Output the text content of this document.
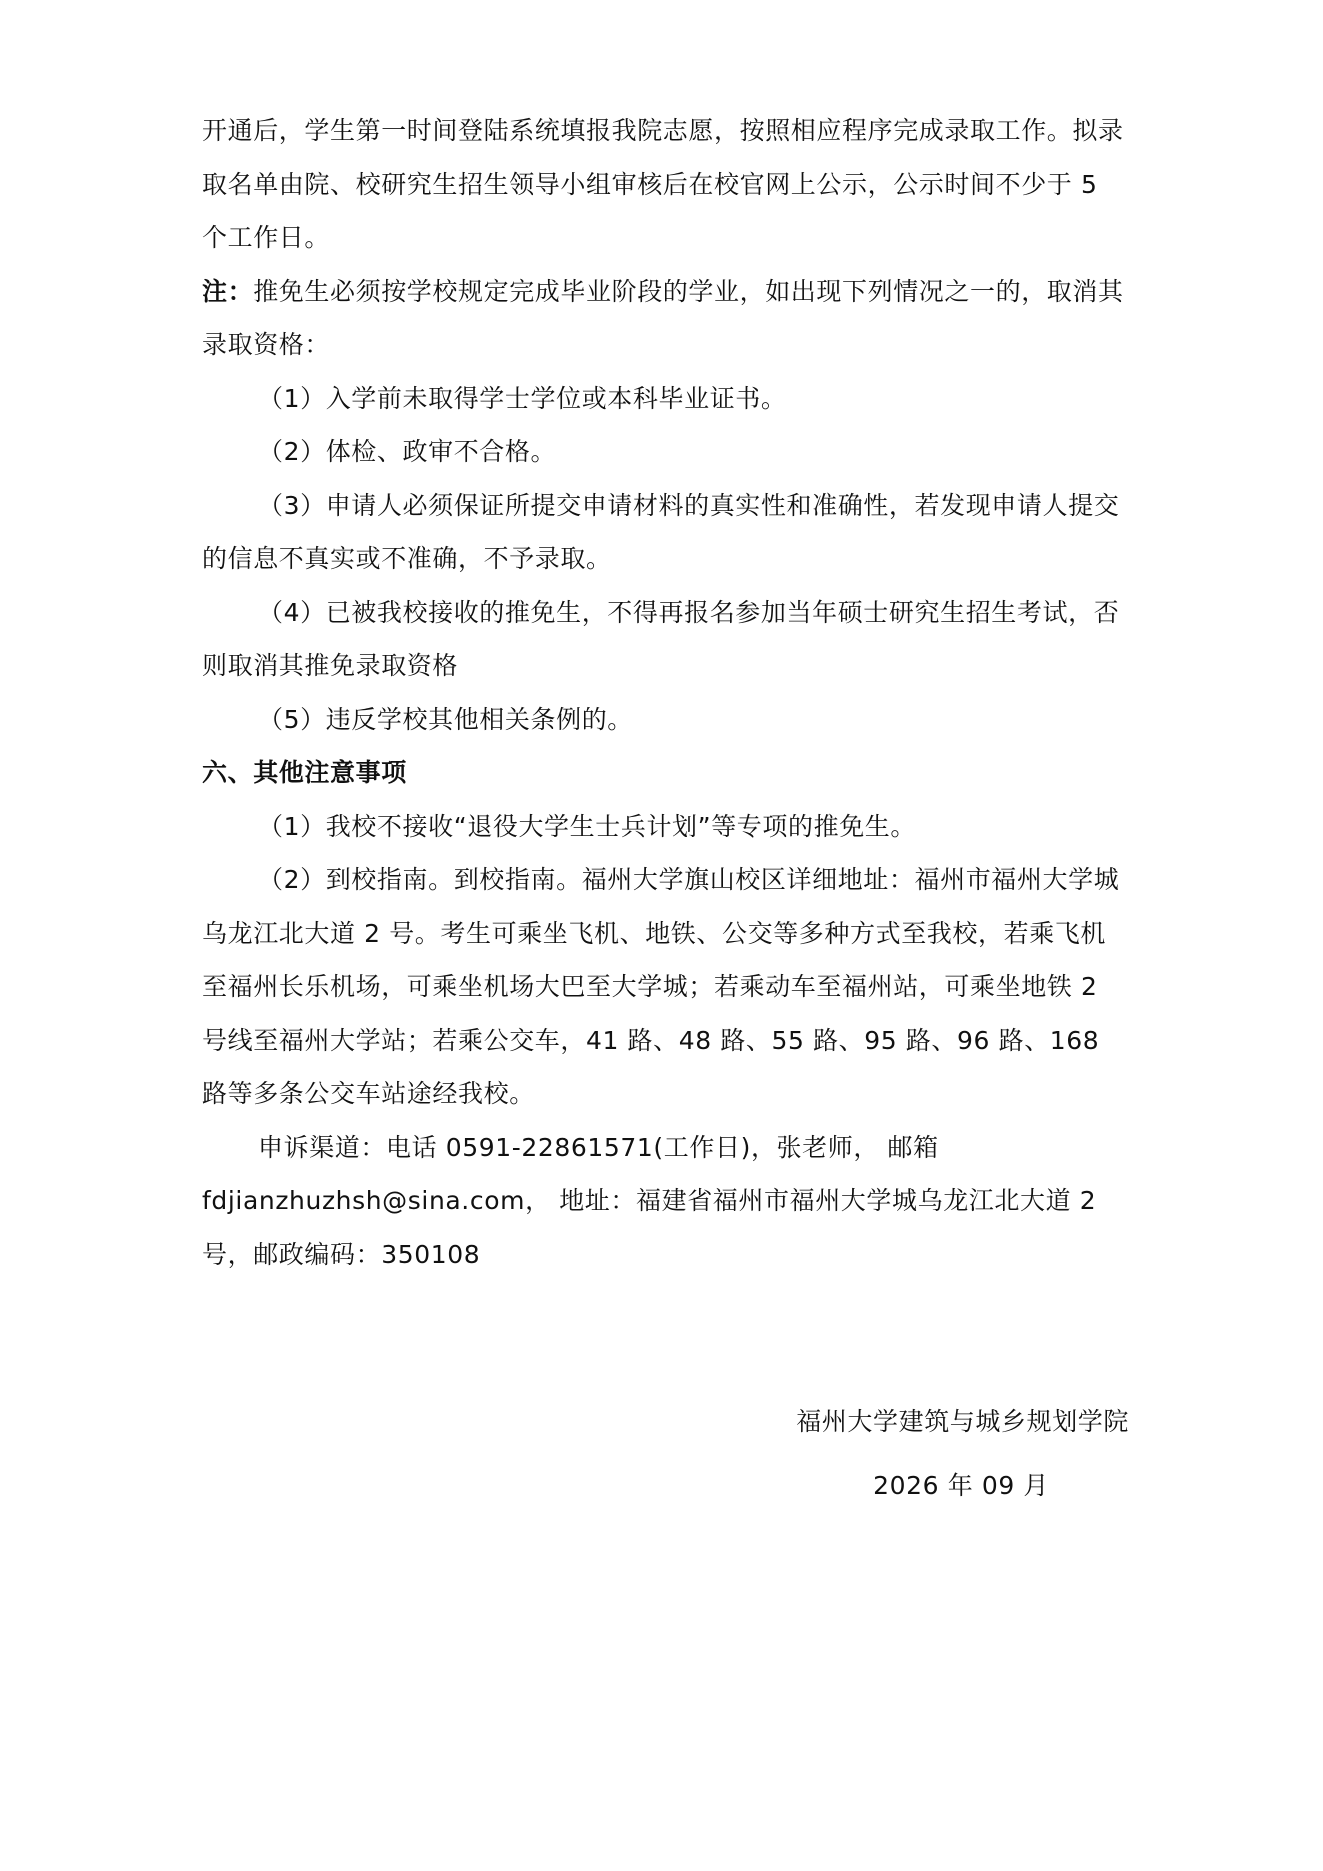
开通后，学生第一时间登陆系统填报我院志愿，按照相应程序完成录取工作。拟录取名单由院、校研究生招生领导小组审核后在校官网上公示，公示时间不少于 5 个工作日。

注：推免生必须按学校规定完成毕业阶段的学业，如出现下列情况之一的，取消其录取资格：

（1）入学前未取得学士学位或本科毕业证书。

（2）体检、政审不合格。

（3）申请人必须保证所提交申请材料的真实性和准确性，若发现申请人提交的信息不真实或不准确，不予录取。

（4）已被我校接收的推免生，不得再报名参加当年硕士研究生招生考试，否则取消其推免录取资格

（5）违反学校其他相关条例的。

六、其他注意事项

（1）我校不接收“退役大学生士兵计划”等专项的推免生。

（2）到校指南。到校指南。福州大学旗山校区详细地址：福州市福州大学城乌龙江北大道 2 号。考生可乘坐飞机、地铁、公交等多种方式至我校，若乘飞机至福州长乐机场，可乘坐机场大巴至大学城；若乘动车至福州站，可乘坐地铁 2 号线至福州大学站；若乘公交车，41 路、48 路、55 路、95 路、96 路、168 路等多条公交车站途经我校。

申诉渠道：电话 0591-22861571(工作日)，张老师， 邮箱 fdjianzhuzhsh@sina.com， 地址：福建省福州市福州大学城乌龙江北大道 2 号，邮政编码：350108

福州大学建筑与城乡规划学院
2026 年 09 月
